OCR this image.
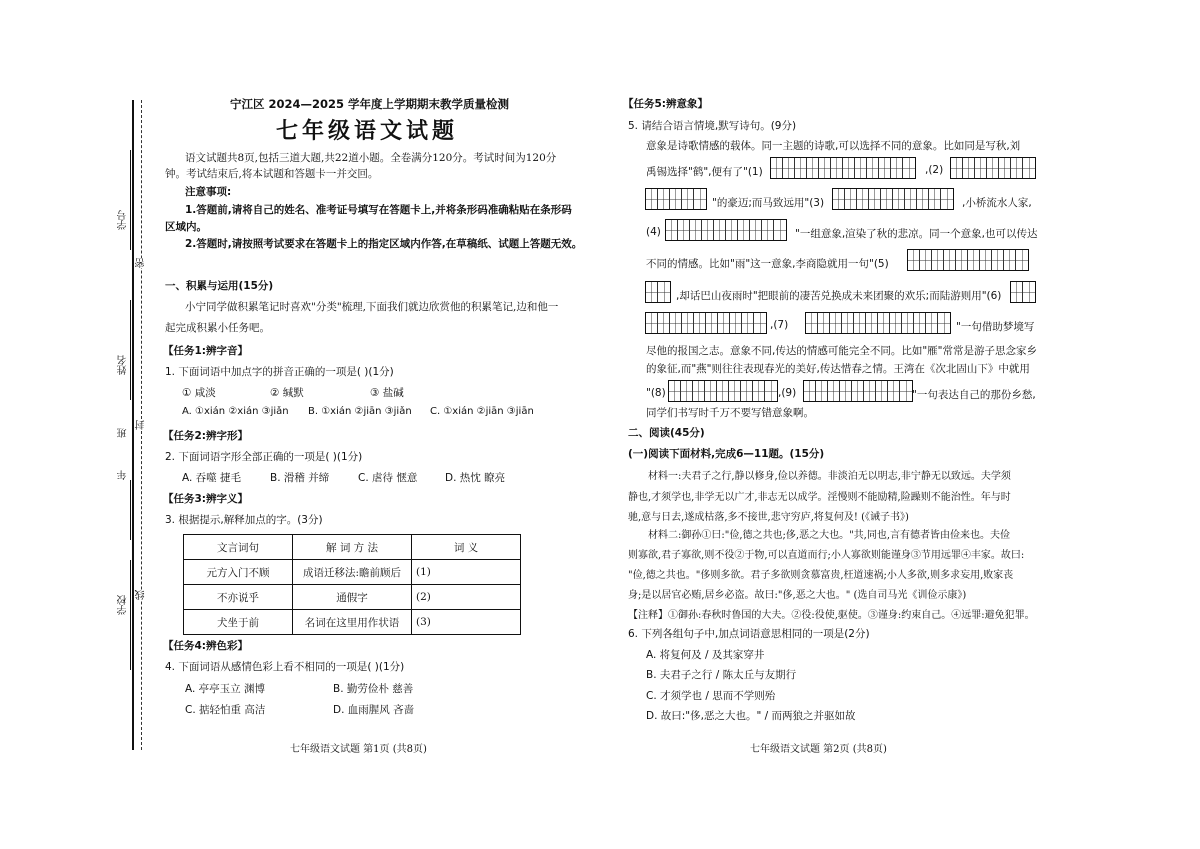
学号
姓名
班
年
学校
密
封
线
宁江区 2024—2025 学年度上学期期末教学质量检测
七年级语文试题
语文试题共8页,包括三道大题,共22道小题。全卷满分120分。考试时间为120分
钟。考试结束后,将本试题和答题卡一并交回。
注意事项:
1.答题前,请将自己的姓名、准考证号填写在答题卡上,并将条形码准确粘贴在条形码
区域内。
2.答题时,请按照考试要求在答题卡上的指定区域内作答,在草稿纸、试题上答题无效。
一、积累与运用(15分)
小宁同学做积累笔记时喜欢"分类"梳理,下面我们就边欣赏他的积累笔记,边和他一
起完成积累小任务吧。
【任务1:辨字音】
1. 下面词语中加点字的拼音正确的一项是( )(1分)
① 咸淡	② 缄默	③ 盐碱
A. ①xián ②xián ③jiǎn B. ①xián ②jiān ③jiǎn C. ①xián ②jiān ③jiān
【任务2:辨字形】
2. 下面词语字形全部正确的一项是( )(1分)
A. 吞噬 捷毛	B. 滑稽 并缔	C. 虐待 惬意	D. 热忱 瞭亮
【任务3:辨字义】
3. 根据提示,解释加点的字。(3分)
文言词句	解 词 方 法	词 义
元方入门不顾	成语迁移法:瞻前顾后	(1)
不亦说乎	通假字	(2)
犬坐于前	名词在这里用作状语	(3)
【任务4:辨色彩】
4. 下面词语从感情色彩上看不相同的一项是( )(1分)
A. 亭亭玉立 渊博	B. 勤劳俭朴 慈善
C. 掂轻怕重 高洁	D. 血雨腥风 吝啬
七年级语文试题 第1页 (共8页)
【任务5:辨意象】
5. 请结合语言情境,默写诗句。(9分)
意象是诗歌情感的载体。同一主题的诗歌,可以选择不同的意象。比如同是写秋,刘
禹锡选择"鹤",便有了"(1)	,(2)
"的豪迈;而马致远用"(3)	,小桥流水人家,
(4)	"一组意象,渲染了秋的悲凉。同一个意象,也可以传达
不同的情感。比如"雨"这一意象,李商隐就用一句"(5)
,却话巴山夜雨时"把眼前的凄苦兑换成未来团聚的欢乐;而陆游则用"(6)
,(7)	"一句借助梦境写
尽他的报国之志。意象不同,传达的情感可能完全不同。比如"雁"常常是游子思念家乡
的象征,而"燕"则往往表现春光的美好,传达惜春之情。王湾在《次北固山下》中就用
"(8)	,(9)	"一句表达自己的那份乡愁,
同学们书写时千万不要写错意象啊。
二、阅读(45分)
(一)阅读下面材料,完成6—11题。(15分)
材料一:夫君子之行,静以修身,俭以养德。非淡泊无以明志,非宁静无以致远。夫学须
静也,才须学也,非学无以广才,非志无以成学。淫慢则不能励精,险躁则不能治性。年与时
驰,意与日去,遂成枯落,多不接世,悲守穷庐,将复何及! (《诫子书》)
材料二:御孙①曰:"俭,德之共也;侈,恶之大也。"共,同也,言有德者皆由俭来也。夫俭
则寡欲,君子寡欲,则不役②于物,可以直道而行;小人寡欲则能谨身③节用远罪④丰家。故曰:
"俭,德之共也。"侈则多欲。君子多欲则贪慕富贵,枉道速祸;小人多欲,则多求妄用,败家丧
身;是以居官必贿,居乡必盗。故曰:"侈,恶之大也。" (选自司马光《训俭示康》)
【注释】①御孙:春秋时鲁国的大夫。②役:役使,驱使。③谨身:约束自己。④远罪:避免犯罪。
6. 下列各组句子中,加点词语意思相同的一项是(2分)
A. 将复何及 / 及其家穿井
B. 夫君子之行 / 陈太丘与友期行
C. 才须学也 / 思而不学则殆
D. 故曰:"侈,恶之大也。" / 而两狼之并驱如故
七年级语文试题 第2页 (共8页)
